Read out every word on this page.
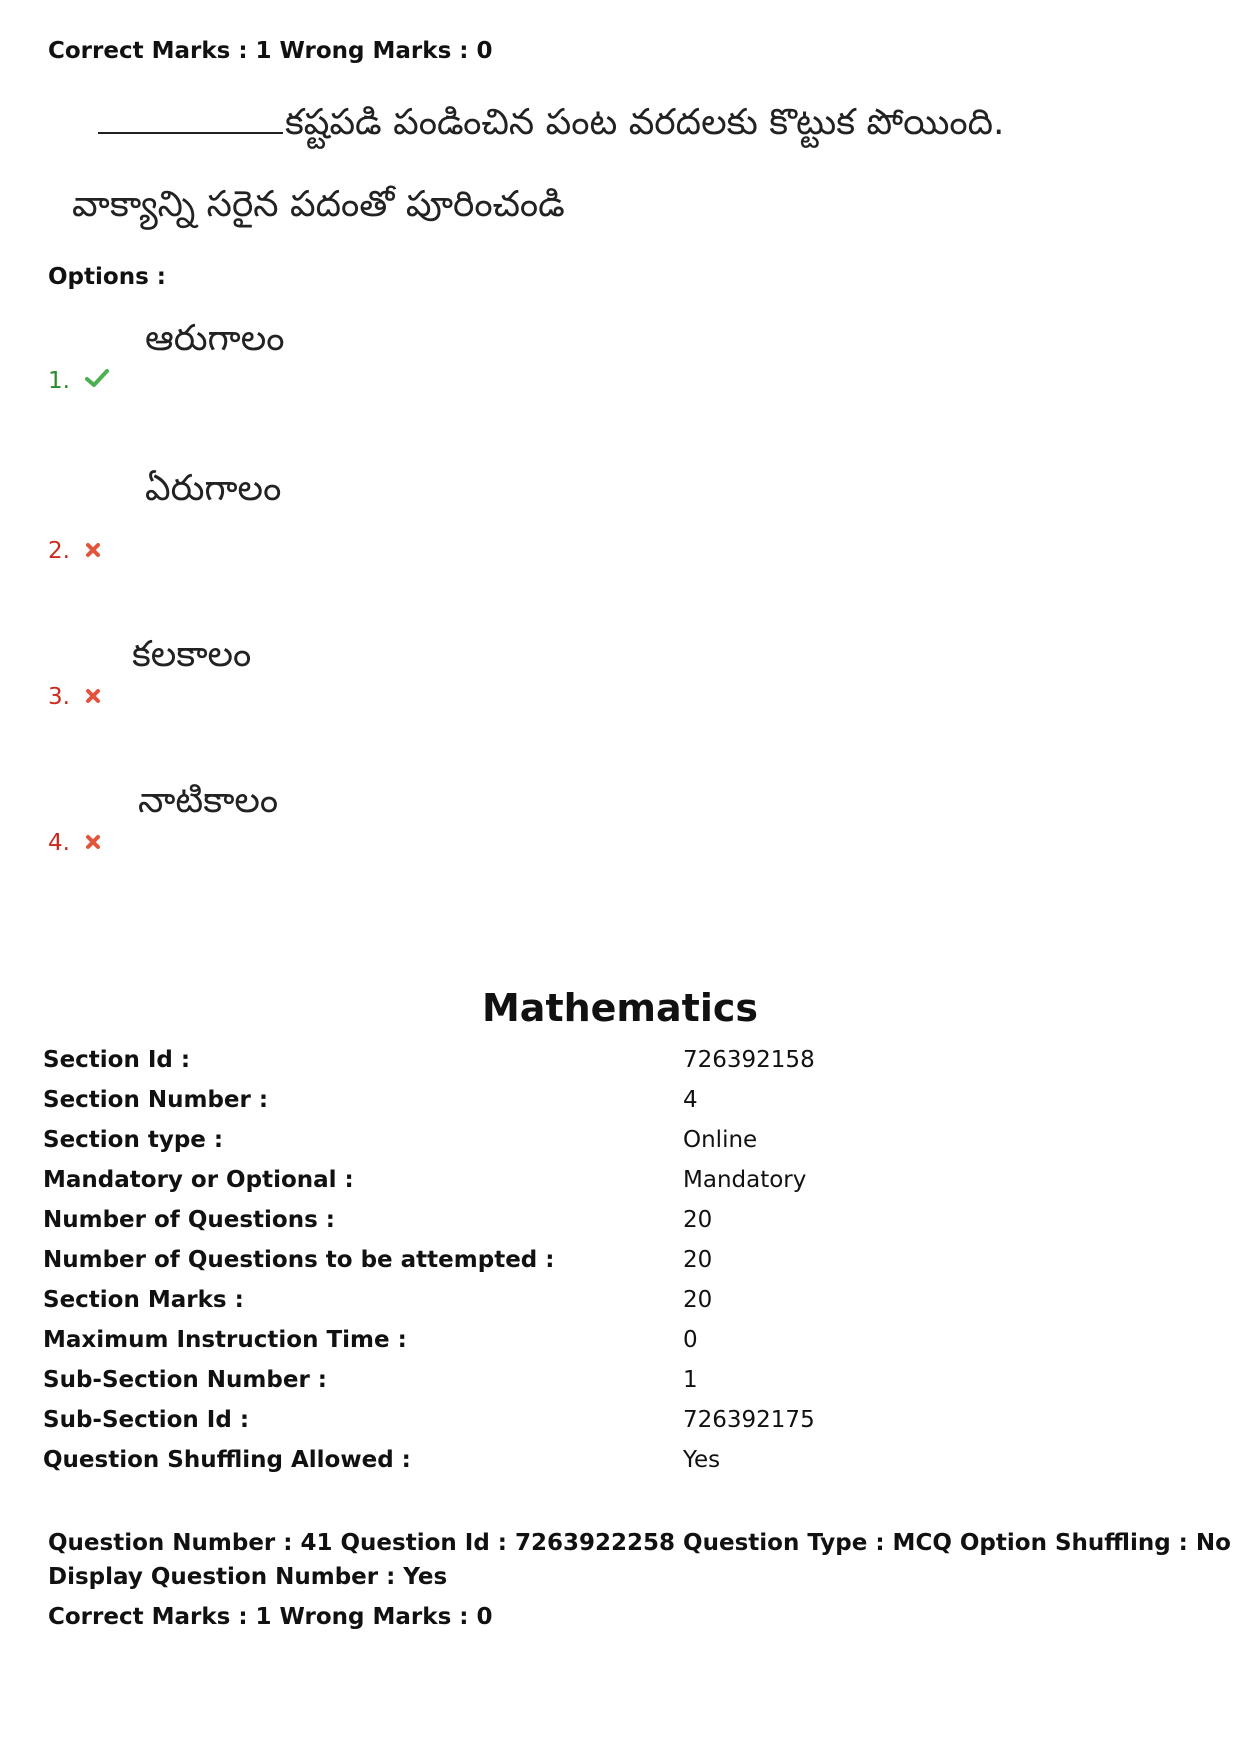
Correct Marks : 1 Wrong Marks : 0
కష్టపడి పండించిన పంట వరదలకు కొట్టుక పోయింది.
వాక్యాన్ని సరైన పదంతో పూరించండి
Options :
ఆరుగాలం
1.
ఏరుగాలం
2.
కలకాలం
3.
నాటికాలం
4.
Mathematics
Section Id :	726392158
Section Number :	4
Section type :	Online
Mandatory or Optional :	Mandatory
Number of Questions :	20
Number of Questions to be attempted :	20
Section Marks :	20
Maximum Instruction Time :	0
Sub-Section Number :	1
Sub-Section Id :	726392175
Question Shuffling Allowed :	Yes
Question Number : 41 Question Id : 7263922258 Question Type : MCQ Option Shuffling : No
Display Question Number : Yes
Correct Marks : 1 Wrong Marks : 0
